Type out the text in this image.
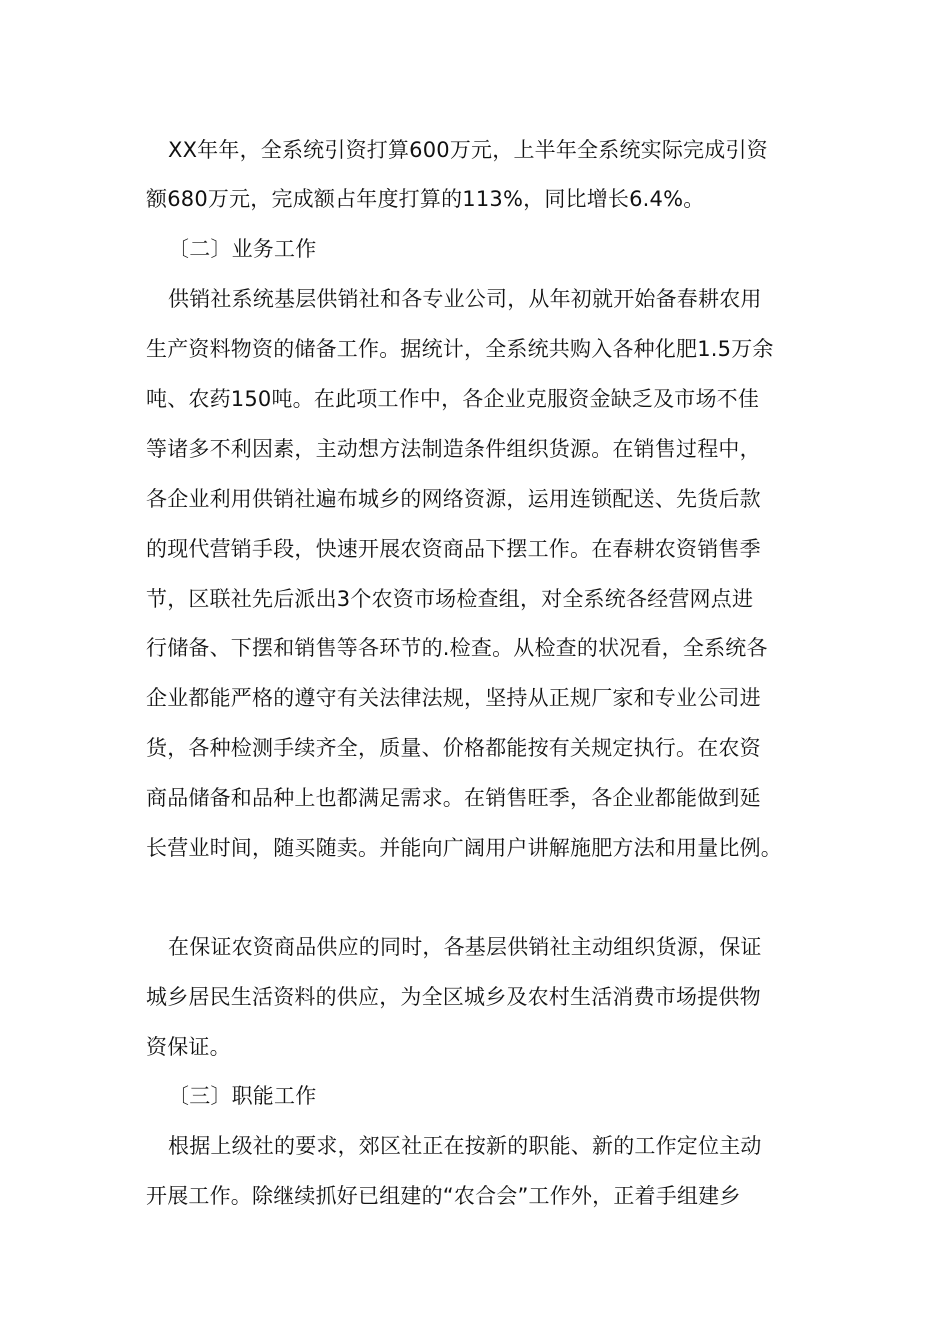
XX年年，全系统引资打算600万元，上半年全系统实际完成引资
额680万元，完成额占年度打算的113%，同比增长6.4%。
〔二〕业务工作
供销社系统基层供销社和各专业公司，从年初就开始备春耕农用
生产资料物资的储备工作。据统计，全系统共购入各种化肥1.5万余
吨、农药150吨。在此项工作中，各企业克服资金缺乏及市场不佳
等诸多不利因素，主动想方法制造条件组织货源。在销售过程中，
各企业利用供销社遍布城乡的网络资源，运用连锁配送、先货后款
的现代营销手段，快速开展农资商品下摆工作。在春耕农资销售季
节，区联社先后派出3个农资市场检查组，对全系统各经营网点进
行储备、下摆和销售等各环节的.检查。从检查的状况看，全系统各
企业都能严格的遵守有关法律法规，坚持从正规厂家和专业公司进
货，各种检测手续齐全，质量、价格都能按有关规定执行。在农资
商品储备和品种上也都满足需求。在销售旺季，各企业都能做到延
长营业时间，随买随卖。并能向广阔用户讲解施肥方法和用量比例。
在保证农资商品供应的同时，各基层供销社主动组织货源，保证
城乡居民生活资料的供应，为全区城乡及农村生活消费市场提供物
资保证。
〔三〕职能工作
根据上级社的要求，郊区社正在按新的职能、新的工作定位主动
开展工作。除继续抓好已组建的“农合会”工作外，正着手组建乡
